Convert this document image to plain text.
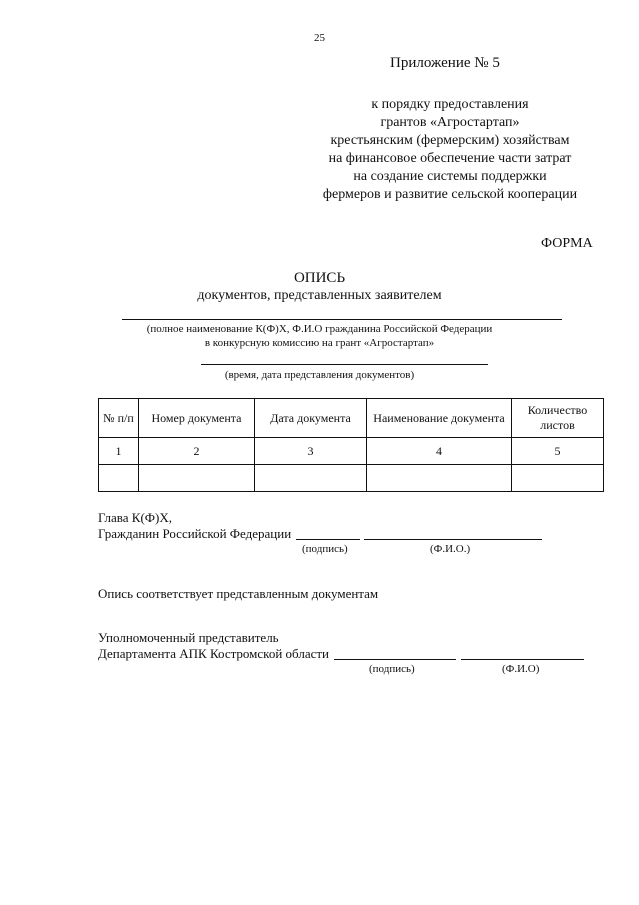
25
Приложение № 5
к порядку предоставления
грантов «Агростартап»
крестьянским (фермерским) хозяйствам
на финансовое обеспечение части затрат
на создание системы поддержки
фермеров и развитие сельской кооперации
ФОРМА
ОПИСЬ
документов, представленных заявителем
(полное наименование К(Ф)Х, Ф.И.О гражданина Российской Федерации
в конкурсную комиссию на грант «Агростартап»
(время, дата представления документов)
№ п/п	Номер документа	Дата документа	Наименование документа	Количество листов
1	2	3	4	5

Глава К(Ф)Х,
Гражданин Российской Федерации
(подпись)	(Ф.И.О.)
Опись соответствует представленным документам
Уполномоченный представитель
Департамента АПК Костромской области
(подпись)	(Ф.И.О)
